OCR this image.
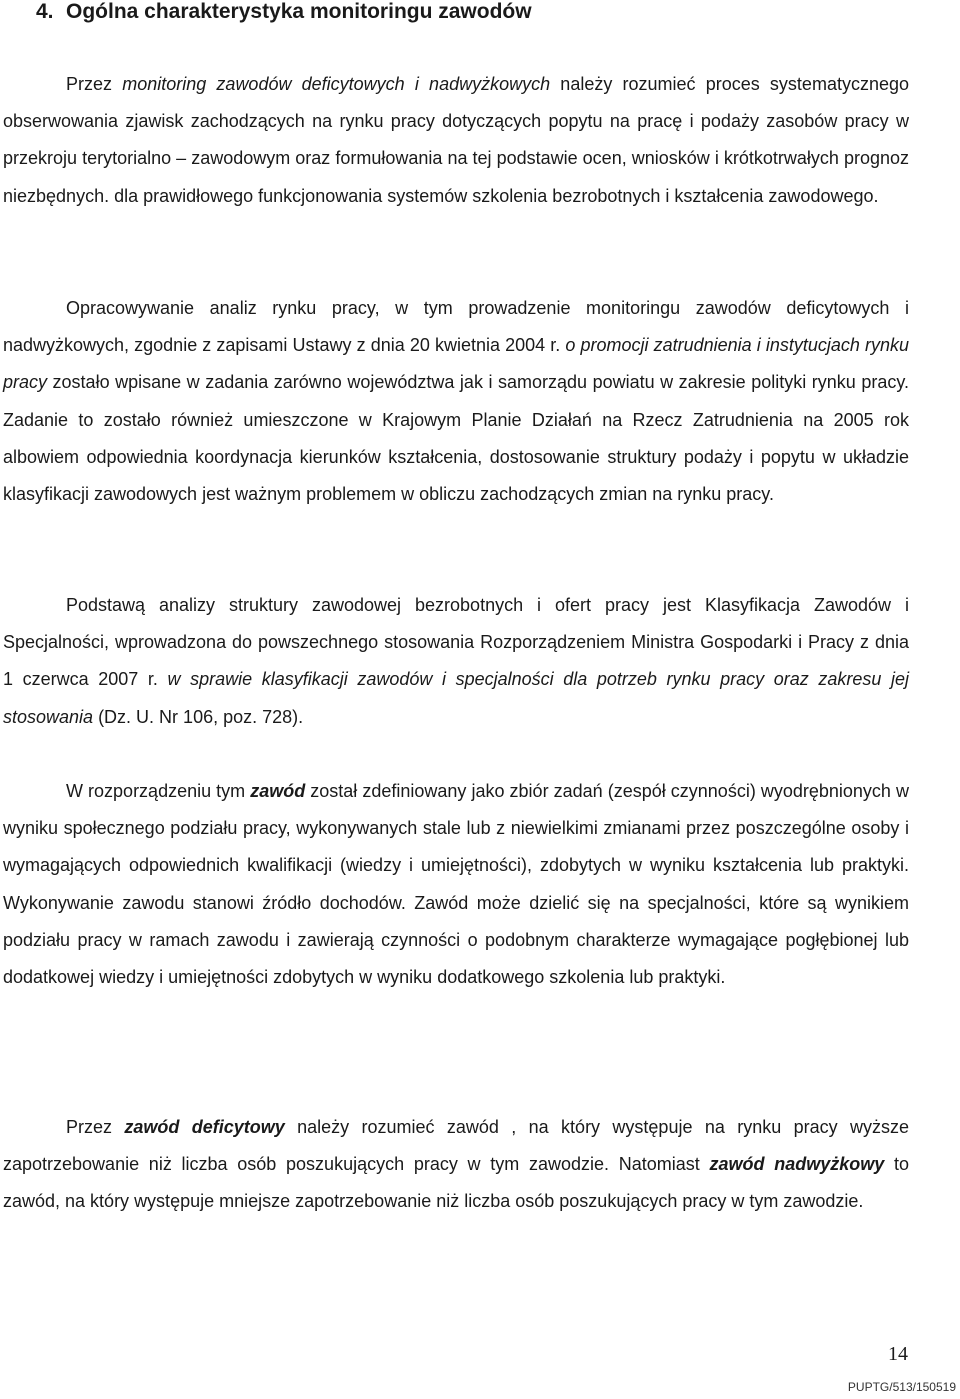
4. Ogólna charakterystyka monitoringu zawodów

Przez monitoring zawodów deficytowych i nadwyżkowych należy rozumieć proces systematycznego obserwowania zjawisk zachodzących na rynku pracy dotyczących popytu na pracę i podaży zasobów pracy w przekroju terytorialno – zawodowym oraz formułowania na tej podstawie ocen, wniosków i krótkotrwałych prognoz niezbędnych. dla prawidłowego funkcjonowania systemów szkolenia bezrobotnych i kształcenia zawodowego.

Opracowywanie analiz rynku pracy, w tym prowadzenie monitoringu zawodów deficytowych i nadwyżkowych, zgodnie z zapisami Ustawy z dnia 20 kwietnia 2004 r. o promocji zatrudnienia i instytucjach rynku pracy zostało wpisane w zadania zarówno województwa jak i samorządu powiatu w zakresie polityki rynku pracy. Zadanie to zostało również umieszczone w Krajowym Planie Działań na Rzecz Zatrudnienia na 2005 rok albowiem odpowiednia koordynacja kierunków kształcenia, dostosowanie struktury podaży i popytu w układzie klasyfikacji zawodowych jest ważnym problemem w obliczu zachodzących zmian na rynku pracy.

Podstawą analizy struktury zawodowej bezrobotnych i ofert pracy jest Klasyfikacja Zawodów i Specjalności, wprowadzona do powszechnego stosowania Rozporządzeniem Ministra Gospodarki i Pracy z dnia 1 czerwca 2007 r. w sprawie klasyfikacji zawodów i specjalności dla potrzeb rynku pracy oraz zakresu jej stosowania (Dz. U. Nr 106, poz. 728).

W rozporządzeniu tym zawód został zdefiniowany jako zbiór zadań (zespół czynności) wyodrębnionych w wyniku społecznego podziału pracy, wykonywanych stale lub z niewielkimi zmianami przez poszczególne osoby i wymagających odpowiednich kwalifikacji (wiedzy i umiejętności), zdobytych w wyniku kształcenia lub praktyki. Wykonywanie zawodu stanowi źródło dochodów. Zawód może dzielić się na specjalności, które są wynikiem podziału pracy w ramach zawodu i zawierają czynności o podobnym charakterze wymagające pogłębionej lub dodatkowej wiedzy i umiejętności zdobytych w wyniku dodatkowego szkolenia lub praktyki.

Przez zawód deficytowy należy rozumieć zawód , na który występuje na rynku pracy wyższe zapotrzebowanie niż liczba osób poszukujących pracy w tym zawodzie. Natomiast zawód nadwyżkowy to zawód, na który występuje mniejsze zapotrzebowanie niż liczba osób poszukujących pracy w tym zawodzie.

14
PUPTG/513/150519
